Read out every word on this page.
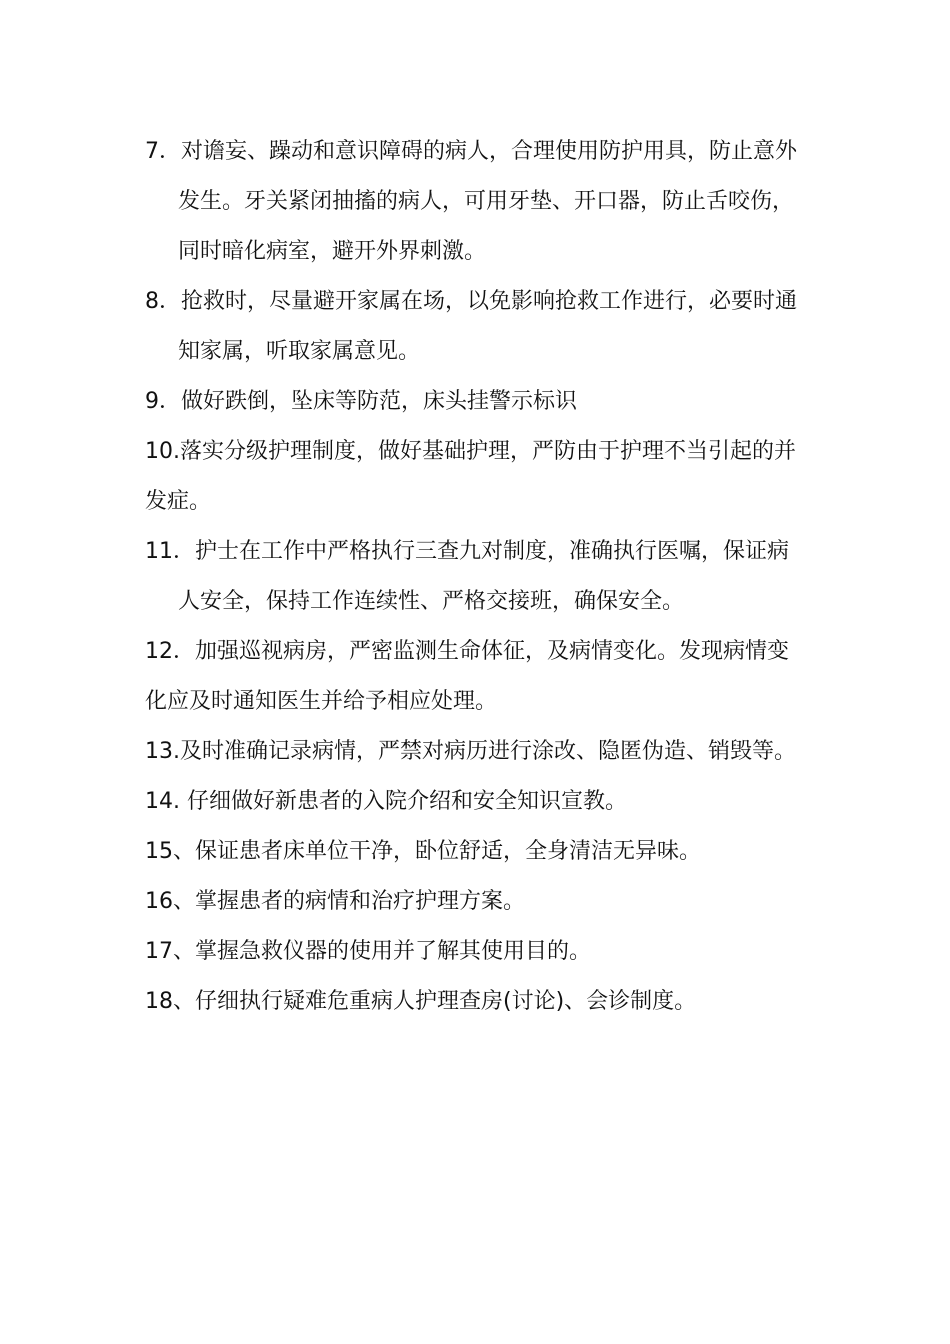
7．对谵妄、躁动和意识障碍的病人，合理使用防护用具，防止意外
发生。牙关紧闭抽搐的病人，可用牙垫、开口器，防止舌咬伤，
同时暗化病室，避开外界刺激。
8．抢救时，尽量避开家属在场，以免影响抢救工作进行，必要时通
知家属，听取家属意见。
9．做好跌倒，坠床等防范，床头挂警示标识
10.落实分级护理制度，做好基础护理，严防由于护理不当引起的并
发症。
11．护士在工作中严格执行三查九对制度，准确执行医嘱，保证病
人安全，保持工作连续性、严格交接班，确保安全。
12．加强巡视病房，严密监测生命体征，及病情变化。发现病情变
化应及时通知医生并给予相应处理。
13.及时准确记录病情，严禁对病历进行涂改、隐匿伪造、销毁等。
14. 仔细做好新患者的入院介绍和安全知识宣教。
15、保证患者床单位干净，卧位舒适，全身清洁无异味。
16、掌握患者的病情和治疗护理方案。
17、掌握急救仪器的使用并了解其使用目的。
18、仔细执行疑难危重病人护理查房(讨论)、会诊制度。
